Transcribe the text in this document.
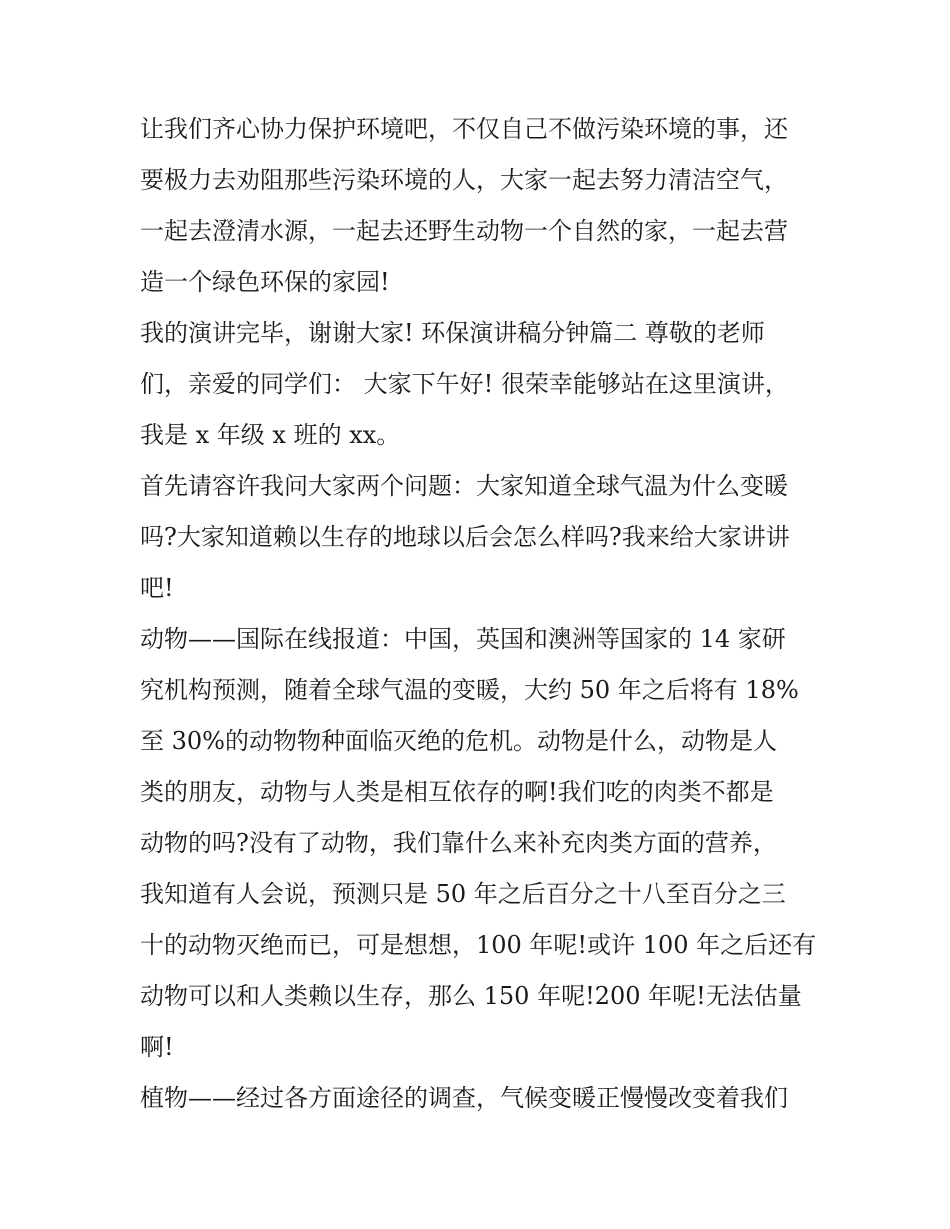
让我们齐心协力保护环境吧，不仅自己不做污染环境的事，还
要极力去劝阻那些污染环境的人，大家一起去努力清洁空气，
一起去澄清水源，一起去还野生动物一个自然的家，一起去营
造一个绿色环保的家园!
我的演讲完毕，谢谢大家! 环保演讲稿分钟篇二 尊敬的老师
们，亲爱的同学们： 大家下午好! 很荣幸能够站在这里演讲，
我是 x 年级 x 班的 xx。
首先请容许我问大家两个问题：大家知道全球气温为什么变暖
吗?大家知道赖以生存的地球以后会怎么样吗?我来给大家讲讲
吧!
动物——国际在线报道：中国，英国和澳洲等国家的 14 家研
究机构预测，随着全球气温的变暖，大约 50 年之后将有 18%
至 30%的动物物种面临灭绝的危机。动物是什么，动物是人
类的朋友，动物与人类是相互依存的啊!我们吃的肉类不都是
动物的吗?没有了动物，我们靠什么来补充肉类方面的营养，
我知道有人会说，预测只是 50 年之后百分之十八至百分之三
十的动物灭绝而已，可是想想，100 年呢!或许 100 年之后还有
动物可以和人类赖以生存，那么 150 年呢!200 年呢!无法估量
啊!
植物——经过各方面途径的调查，气候变暖正慢慢改变着我们
